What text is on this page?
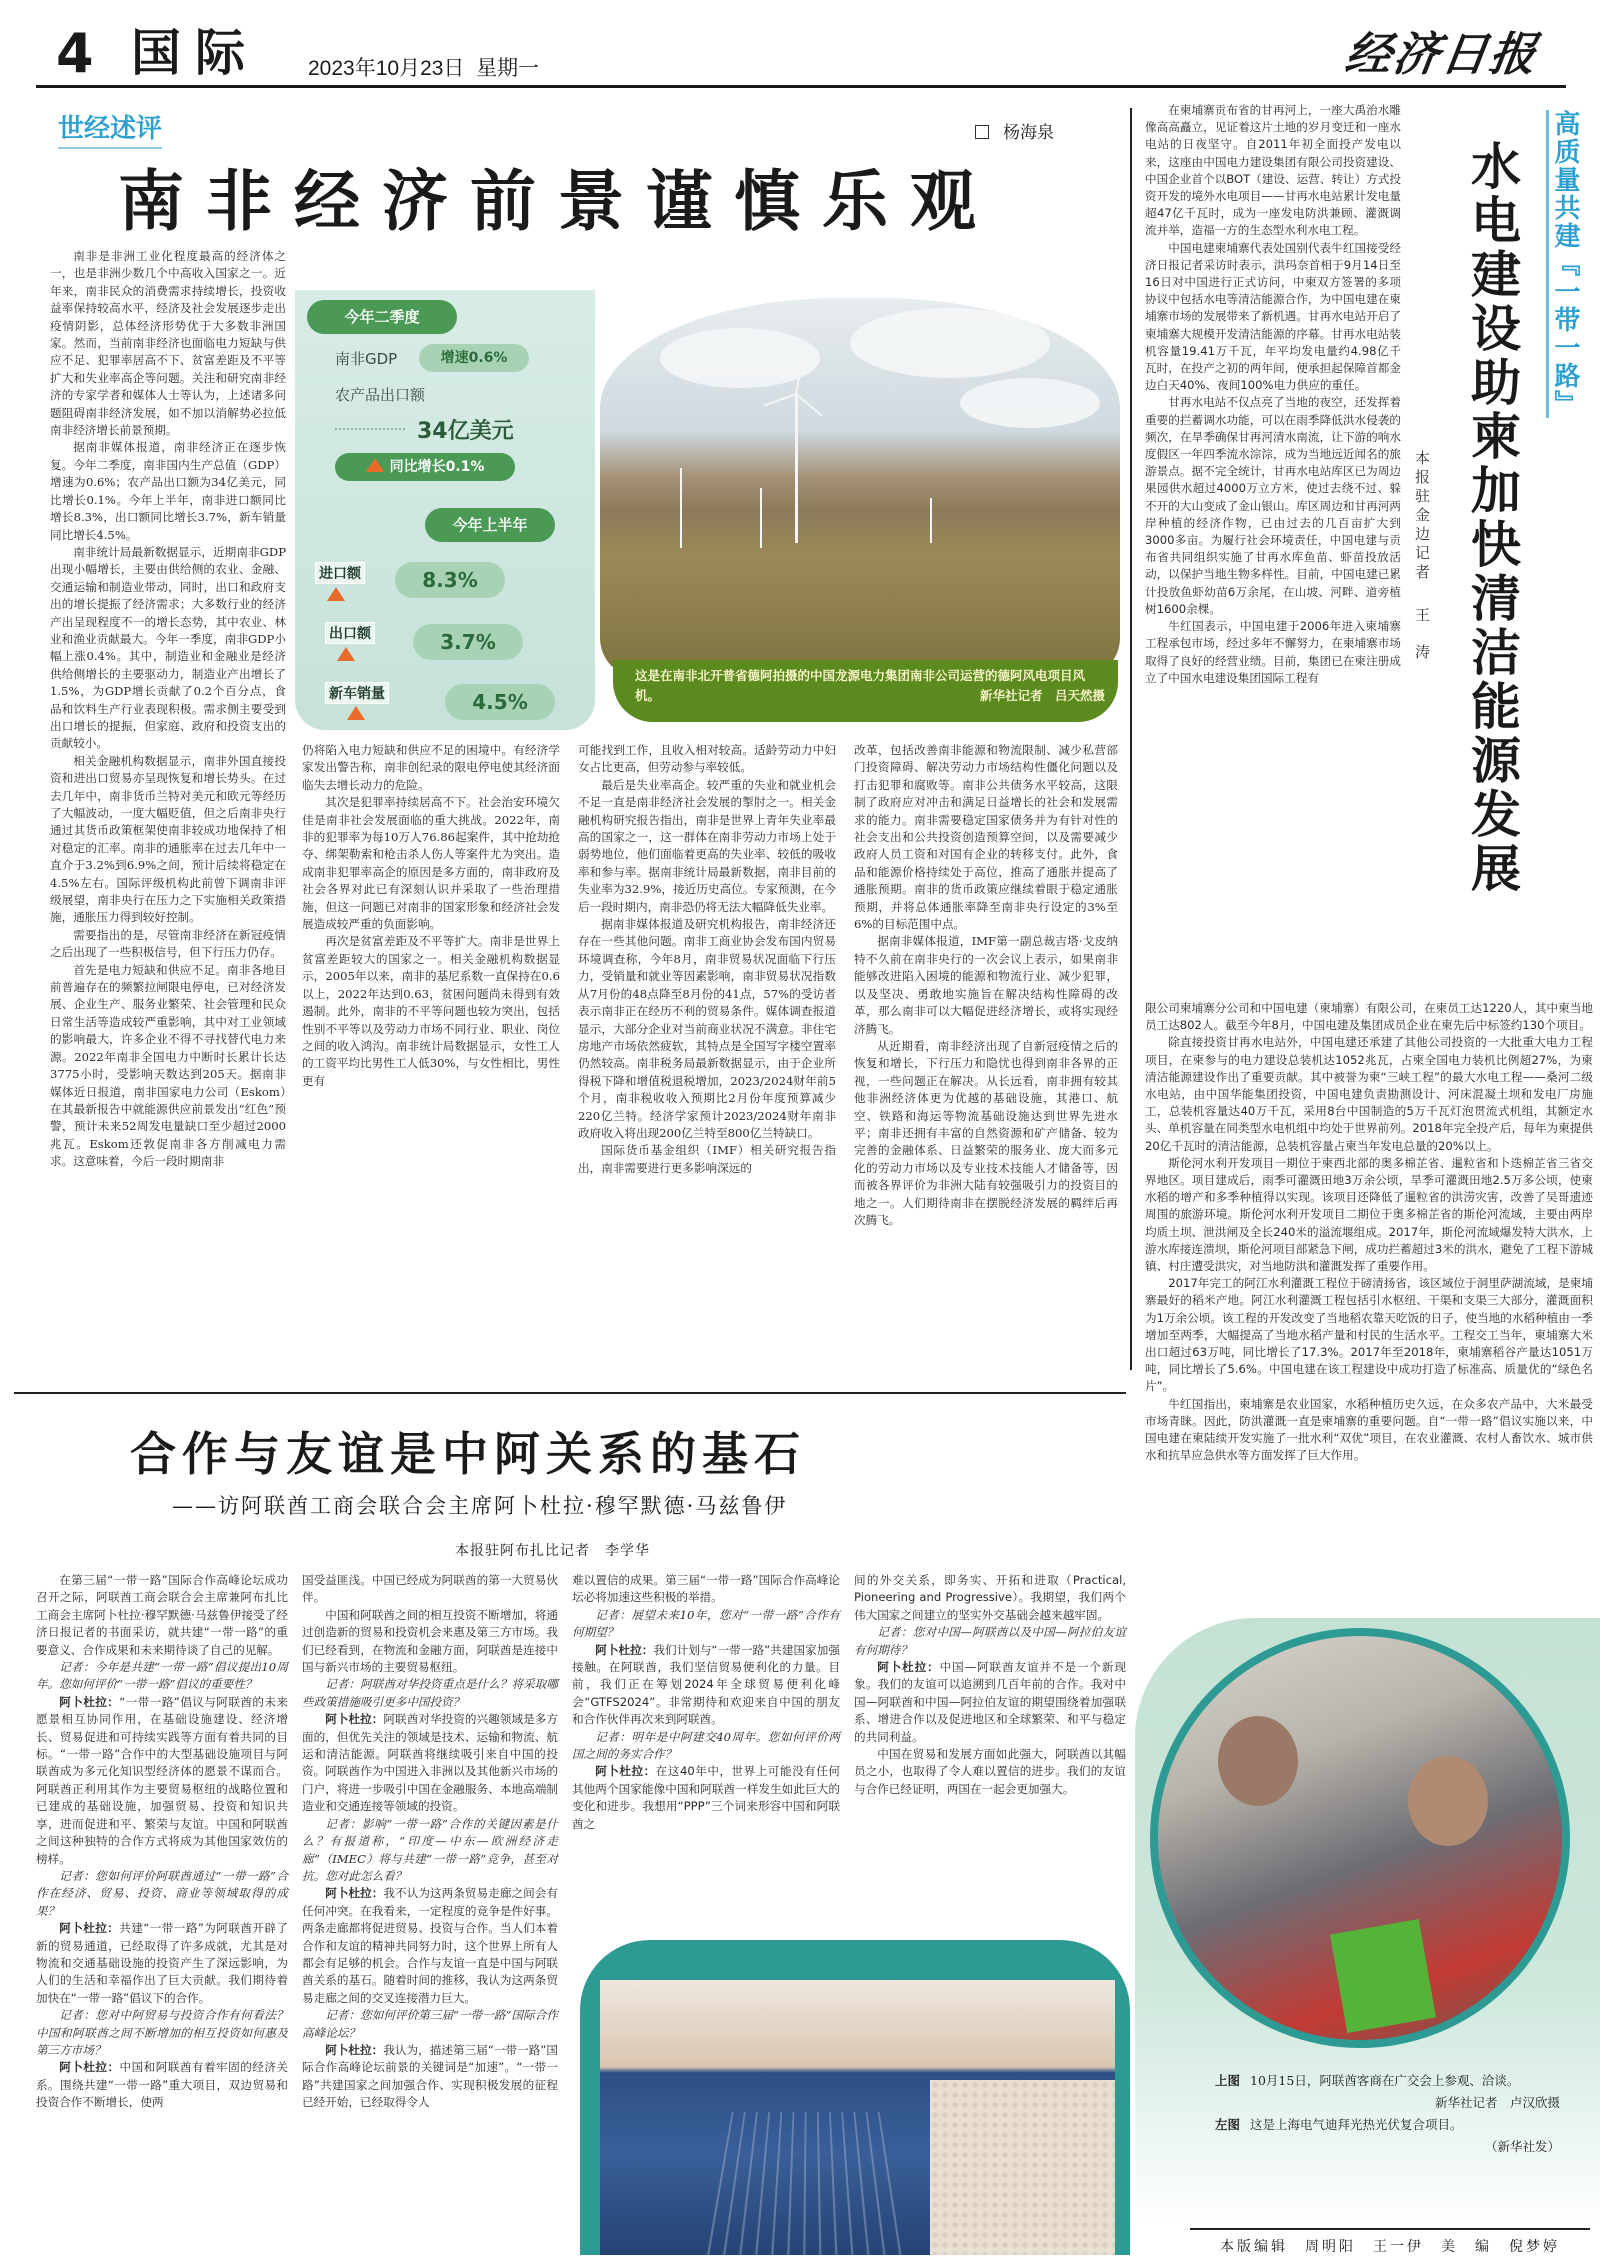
4 国际 2023年10月23日 星期一	经济日报
世经述评	杨海泉
南非经济前景谨慎乐观

南非是非洲工业化程度最高的经济体之一，也是非洲少数几个中高收入国家之一。近年来，南非民众的消费需求持续增长，投资收益率保持较高水平，经济及社会发展逐步走出疫情阴影，总体经济形势优于大多数非洲国家。然而，当前南非经济也面临电力短缺与供应不足、犯罪率居高不下、贫富差距及不平等扩大和失业率高企等问题。关注和研究南非经济的专家学者和媒体人士等认为，上述诸多问题阻碍南非经济发展，如不加以消解势必拉低南非经济增长前景预期。

据南非媒体报道，南非经济正在逐步恢复。今年二季度，南非国内生产总值（GDP）增速为0.6%；农产品出口额为34亿美元，同比增长0.1%。今年上半年，南非进口额同比增长8.3%，出口额同比增长3.7%，新车销量同比增长4.5%。

南非统计局最新数据显示，近期南非GDP出现小幅增长，主要由供给侧的农业、金融、交通运输和制造业带动，同时，出口和政府支出的增长提振了经济需求；大多数行业的经济产出呈现程度不一的增长态势，其中农业、林业和渔业贡献最大。今年一季度，南非GDP小幅上涨0.4%。其中，制造业和金融业是经济供给侧增长的主要驱动力，制造业产出增长了1.5%，为GDP增长贡献了0.2个百分点，食品和饮料生产行业表现积极。需求侧主要受到出口增长的提振，但家庭、政府和投资支出的贡献较小。

相关金融机构数据显示，南非外国直接投资和进出口贸易亦呈现恢复和增长势头。在过去几年中，南非货币兰特对美元和欧元等经历了大幅波动，一度大幅贬值，但之后南非央行通过其货币政策框架使南非较成功地保持了相对稳定的汇率。南非的通胀率在过去几年中一直介于3.2%到6.9%之间，预计后续将稳定在4.5%左右。国际评级机构此前曾下调南非评级展望，南非央行在压力之下实施相关政策措施，通胀压力得到较好控制。

需要指出的是，尽管南非经济在新冠疫情之后出现了一些积极信号，但下行压力仍存。

首先是电力短缺和供应不足。南非各地目前普遍存在的频繁拉闸限电停电，已对经济发展、企业生产、服务业繁荣、社会管理和民众日常生活等造成较严重影响，其中对工业领域的影响最大，许多企业不得不寻找替代电力来源。2022年南非全国电力中断时长累计长达3775小时，受影响天数达到205天。据南非媒体近日报道，南非国家电力公司（Eskom）在其最新报告中就能源供应前景发出“红色”预警，预计未来52周发电量缺口至少超过2000兆瓦。Eskom还敦促南非各方削减电力需求。这意味着，今后一段时期南非

仍将陷入电力短缺和供应不足的困境中。有经济学家发出警告称，南非创纪录的限电停电使其经济面临失去增长动力的危险。

其次是犯罪率持续居高不下。社会治安环境欠佳是南非社会发展面临的重大挑战。2022年，南非的犯罪率为每10万人76.86起案件，其中抢劫抢夺、绑架勒索和枪击杀人伤人等案件尤为突出。造成南非犯罪率高企的原因是多方面的，南非政府及社会各界对此已有深刻认识并采取了一些治理措施，但这一问题已对南非的国家形象和经济社会发展造成较严重的负面影响。

再次是贫富差距及不平等扩大。南非是世界上贫富差距较大的国家之一。相关金融机构数据显示，2005年以来，南非的基尼系数一直保持在0.6以上，2022年达到0.63，贫困问题尚未得到有效遏制。此外，南非的不平等问题也较为突出，包括性别不平等以及劳动力市场不同行业、职业、岗位之间的收入鸿沟。南非统计局数据显示，女性工人的工资平均比男性工人低30%，与女性相比，男性更有

可能找到工作，且收入相对较高。适龄劳动力中妇女占比更高，但劳动参与率较低。

最后是失业率高企。较严重的失业和就业机会不足一直是南非经济社会发展的掣肘之一。相关金融机构研究报告指出，南非是世界上青年失业率最高的国家之一，这一群体在南非劳动力市场上处于弱势地位，他们面临着更高的失业率、较低的吸收率和参与率。据南非统计局最新数据，南非目前的失业率为32.9%，接近历史高位。专家预测，在今后一段时期内，南非恐仍将无法大幅降低失业率。

据南非媒体报道及研究机构报告，南非经济还存在一些其他问题。南非工商业协会发布国内贸易环境调查称，今年8月，南非贸易状况面临下行压力，受销量和就业等因素影响，南非贸易状况指数从7月份的48点降至8月份的41点，57%的受访者表示南非正在经历不利的贸易条件。媒体调查报道显示，大部分企业对当前商业状况不满意。非住宅房地产市场依然疲软，其特点是全国写字楼空置率仍然较高。南非税务局最新数据显示，由于企业所得税下降和增值税退税增加，2023/2024财年前5个月，南非税收收入预期比2月份年度预算减少220亿兰特。经济学家预计2023/2024财年南非政府收入将出现200亿兰特至800亿兰特缺口。

国际货币基金组织（IMF）相关研究报告指出，南非需要进行更多影响深远的

改革，包括改善南非能源和物流限制、减少私营部门投资障碍、解决劳动力市场结构性僵化问题以及打击犯罪和腐败等。南非公共债务水平较高，这限制了政府应对冲击和满足日益增长的社会和发展需求的能力。南非需要稳定国家债务并为有针对性的社会支出和公共投资创造预算空间，以及需要减少政府人员工资和对国有企业的转移支付。此外，食品和能源价格持续处于高位，推高了通胀并提高了通胀预期。南非的货币政策应继续着眼于稳定通胀预期，并将总体通胀率降至南非央行设定的3%至6%的目标范围中点。

据南非媒体报道，IMF第一副总裁吉塔·戈皮纳特不久前在南非央行的一次会议上表示，如果南非能够改进陷入困境的能源和物流行业、减少犯罪，以及坚决、勇敢地实施旨在解决结构性障碍的改革，那么南非可以大幅促进经济增长，或将实现经济腾飞。

从近期看，南非经济出现了自新冠疫情之后的恢复和增长，下行压力和隐忧也得到南非各界的正视，一些问题正在解决。从长远看，南非拥有较其他非洲经济体更为优越的基础设施，其港口、航空、铁路和海运等物流基础设施达到世界先进水平；南非还拥有丰富的自然资源和矿产储备、较为完善的金融体系、日益繁荣的服务业、庞大而多元化的劳动力市场以及专业技术技能人才储备等，因而被各界评价为非洲大陆有较强吸引力的投资目的地之一。人们期待南非在摆脱经济发展的羁绊后再次腾飞。

今年二季度
南非GDP	增速0.6%
农产品出口额
34亿美元
同比增长0.1%
今年上半年
进口额	8.3%
出口额	3.7%
新车销量	4.5%
这是在南非北开普省德阿拍摄的中国龙源电力集团南非公司运营的德阿风电项目风机。	新华社记者　吕天然摄
高质量共建『一带一路』
水电建设助柬加快清洁能源发展
本报驻金边记者王涛

在柬埔寨贡布省的甘再河上，一座大禹治水雕像高高矗立，见证着这片土地的岁月变迁和一座水电站的日夜坚守。自2011年初全面投产发电以来，这座由中国电力建设集团有限公司投资建设、中国企业首个以BOT（建设、运营、转让）方式投资开发的境外水电项目——甘再水电站累计发电量超47亿千瓦时，成为一座发电防洪兼顾、灌溉调流并举，造福一方的生态型水利水电工程。

中国电建柬埔寨代表处国别代表牛红国接受经济日报记者采访时表示，洪玛奈首相于9月14日至16日对中国进行正式访问，中柬双方签署的多项协议中包括水电等清洁能源合作，为中国电建在柬埔寨市场的发展带来了新机遇。甘再水电站开启了柬埔寨大规模开发清洁能源的序幕。甘再水电站装机容量19.41万千瓦，年平均发电量约4.98亿千瓦时，在投产之初的两年间，便承担起保障首都金边白天40%、夜间100%电力供应的重任。

甘再水电站不仅点亮了当地的夜空，还发挥着重要的拦蓄调水功能，可以在雨季降低洪水侵袭的频次，在旱季确保甘再河清水南流，让下游的响水度假区一年四季流水淙淙，成为当地远近闻名的旅游景点。据不完全统计，甘再水电站库区已为周边果园供水超过4000万立方米，使过去绕不过、躲不开的大山变成了金山银山。库区周边和甘再河两岸种植的经济作物，已由过去的几百亩扩大到3000多亩。为履行社会环境责任，中国电建与贡布省共同组织实施了甘再水库鱼苗、虾苗投放活动，以保护当地生物多样性。目前，中国电建已累计投放鱼虾幼苗6万余尾，在山坡、河畔、道旁植树1600余棵。

牛红国表示，中国电建于2006年进入柬埔寨工程承包市场，经过多年不懈努力，在柬埔寨市场取得了良好的经营业绩。目前，集团已在柬注册成立了中国水电建设集团国际工程有

限公司柬埔寨分公司和中国电建（柬埔寨）有限公司，在柬员工达1220人，其中柬当地员工达802人。截至今年8月，中国电建及集团成员企业在柬先后中标签约130个项目。

除直接投资甘再水电站外，中国电建还承建了其他公司投资的一大批重大电力工程项目，在柬参与的电力建设总装机达1052兆瓦，占柬全国电力装机比例超27%，为柬清洁能源建设作出了重要贡献。其中被誉为柬“三峡工程”的最大水电工程——桑河二级水电站，由中国华能集团投资，中国电建负责勘测设计、河床混凝土坝和发电厂房施工，总装机容量达40万千瓦，采用8台中国制造的5万千瓦灯泡贯流式机组，其额定水头、单机容量在同类型水电机组中均处于世界前列。2018年完全投产后，每年为柬提供20亿千瓦时的清洁能源，总装机容量占柬当年发电总量的20%以上。

斯伦河水利开发项目一期位于柬西北部的奥多棉芷省、暹粒省和卜迭棉芷省三省交界地区。项目建成后，雨季可灌溉田地3万余公顷，旱季可灌溉田地2.5万多公顷，使柬水稻的增产和多季种植得以实现。该项目还降低了暹粒省的洪涝灾害，改善了吴哥遗迹周围的旅游环境。斯伦河水利开发项目二期位于奥多棉芷省的斯伦河流域，主要由两岸均质土坝、泄洪闸及全长240米的溢流堰组成。2017年，斯伦河流域爆发特大洪水，上游水库接连溃坝，斯伦河项目部紧急下闸，成功拦蓄超过3米的洪水，避免了工程下游城镇、村庄遭受洪灾，对当地防洪和灌溉发挥了重要作用。

2017年完工的阿江水利灌溉工程位于磅清扬省，该区域位于洞里萨湖流域，是柬埔寨最好的稻米产地。阿江水利灌溉工程包括引水枢纽、干渠和支渠三大部分，灌溉面积为1万余公顷。该工程的开发改变了当地稻农靠天吃饭的日子，使当地的水稻种植由一季增加至两季，大幅提高了当地水稻产量和村民的生活水平。工程交工当年，柬埔寨大米出口超过63万吨，同比增长了17.3%。2017年至2018年，柬埔寨稻谷产量达1051万吨，同比增长了5.6%。中国电建在该工程建设中成功打造了标准高、质量优的“绿色名片”。

牛红国指出，柬埔寨是农业国家，水稻种植历史久远，在众多农产品中，大米最受市场青睐。因此，防洪灌溉一直是柬埔寨的重要问题。自“一带一路”倡议实施以来，中国电建在柬陆续开发实施了一批水利“双优”项目，在农业灌溉、农村人畜饮水、城市供水和抗旱应急供水等方面发挥了巨大作用。

合作与友谊是中阿关系的基石
——访阿联酋工商会联合会主席阿卜杜拉·穆罕默德·马兹鲁伊
本报驻阿布扎比记者　李学华

在第三届“一带一路”国际合作高峰论坛成功召开之际，阿联酋工商会联合会主席兼阿布扎比工商会主席阿卜杜拉·穆罕默德·马兹鲁伊接受了经济日报记者的书面采访，就共建“一带一路”的重要意义、合作成果和未来期待谈了自己的见解。

记者：今年是共建“一带一路”倡议提出10周年。您如何评价“一带一路”倡议的重要性？

阿卜杜拉：“一带一路”倡议与阿联酋的未来愿景相互协同作用，在基础设施建设、经济增长、贸易促进和可持续实践等方面有着共同的目标。“一带一路”合作中的大型基础设施项目与阿联酋成为多元化知识型经济体的愿景不谋而合。阿联酋正利用其作为主要贸易枢纽的战略位置和已建成的基础设施，加强贸易、投资和知识共享，进而促进和平、繁荣与友谊。中国和阿联酋之间这种独特的合作方式将成为其他国家效仿的榜样。

记者：您如何评价阿联酋通过“一带一路”合作在经济、贸易、投资、商业等领域取得的成果？

阿卜杜拉：共建“一带一路”为阿联酋开辟了新的贸易通道，已经取得了许多成就，尤其是对物流和交通基础设施的投资产生了深远影响，为人们的生活和幸福作出了巨大贡献。我们期待着加快在“一带一路”倡议下的合作。

记者：您对中阿贸易与投资合作有何看法？中国和阿联酋之间不断增加的相互投资如何惠及第三方市场？

阿卜杜拉：中国和阿联酋有着牢固的经济关系。围绕共建“一带一路”重大项目，双边贸易和投资合作不断增长，使两

国受益匪浅。中国已经成为阿联酋的第一大贸易伙伴。

中国和阿联酋之间的相互投资不断增加，将通过创造新的贸易和投资机会来惠及第三方市场。我们已经看到，在物流和金融方面，阿联酋是连接中国与新兴市场的主要贸易枢纽。

记者：阿联酋对华投资重点是什么？将采取哪些政策措施吸引更多中国投资？

阿卜杜拉：阿联酋对华投资的兴趣领域是多方面的，但优先关注的领域是技术、运输和物流、航运和清洁能源。阿联酋将继续吸引来自中国的投资。阿联酋作为中国进入非洲以及其他新兴市场的门户，将进一步吸引中国在金融服务、本地高端制造业和交通连接等领域的投资。

记者：影响“一带一路”合作的关键因素是什么？有报道称，“印度—中东—欧洲经济走廊”（IMEC）将与共建“一带一路”竞争，甚至对抗。您对此怎么看？

阿卜杜拉：我不认为这两条贸易走廊之间会有任何冲突。在我看来，一定程度的竞争是件好事。两条走廊都将促进贸易、投资与合作。当人们本着合作和友谊的精神共同努力时，这个世界上所有人都会有足够的机会。合作与友谊一直是中国与阿联酋关系的基石。随着时间的推移，我认为这两条贸易走廊之间的交叉连接潜力巨大。

记者：您如何评价第三届“一带一路”国际合作高峰论坛？

阿卜杜拉：我认为，描述第三届“一带一路”国际合作高峰论坛前景的关键词是“加速”。“一带一路”共建国家之间加强合作、实现积极发展的征程已经开始，已经取得令人

难以置信的成果。第三届“一带一路”国际合作高峰论坛必将加速这些积极的举措。

记者：展望未来10年，您对“一带一路”合作有何期望？

阿卜杜拉：我们计划与“一带一路”共建国家加强接触。在阿联酋，我们坚信贸易便利化的力量。目前，我们正在筹划2024年全球贸易便利化峰会“GTFS2024”。非常期待和欢迎来自中国的朋友和合作伙伴再次来到阿联酋。

记者：明年是中阿建交40周年。您如何评价两国之间的务实合作？

阿卜杜拉：在这40年中，世界上可能没有任何其他两个国家能像中国和阿联酋一样发生如此巨大的变化和进步。我想用“PPP”三个词来形容中国和阿联酋之

间的外交关系，即务实、开拓和进取（Practical, Pioneering and Progressive）。我期望，我们两个伟大国家之间建立的坚实外交基础会越来越牢固。

记者：您对中国—阿联酋以及中国—阿拉伯友谊有何期待？

阿卜杜拉：中国—阿联酋友谊并不是一个新现象。我们的友谊可以追溯到几百年前的合作。我对中国—阿联酋和中国—阿拉伯友谊的期望围绕着加强联系、增进合作以及促进地区和全球繁荣、和平与稳定的共同利益。

中国在贸易和发展方面如此强大，阿联酋以其幅员之小，也取得了令人难以置信的进步。我们的友谊与合作已经证明，两国在一起会更加强大。

上图 10月15日，阿联酋客商在广交会上参观、洽谈。
新华社记者　卢汉欣摄
左图 这是上海电气迪拜光热光伏复合项目。
（新华社发）
本版编辑　周明阳　王一伊　美　编　倪梦婷
